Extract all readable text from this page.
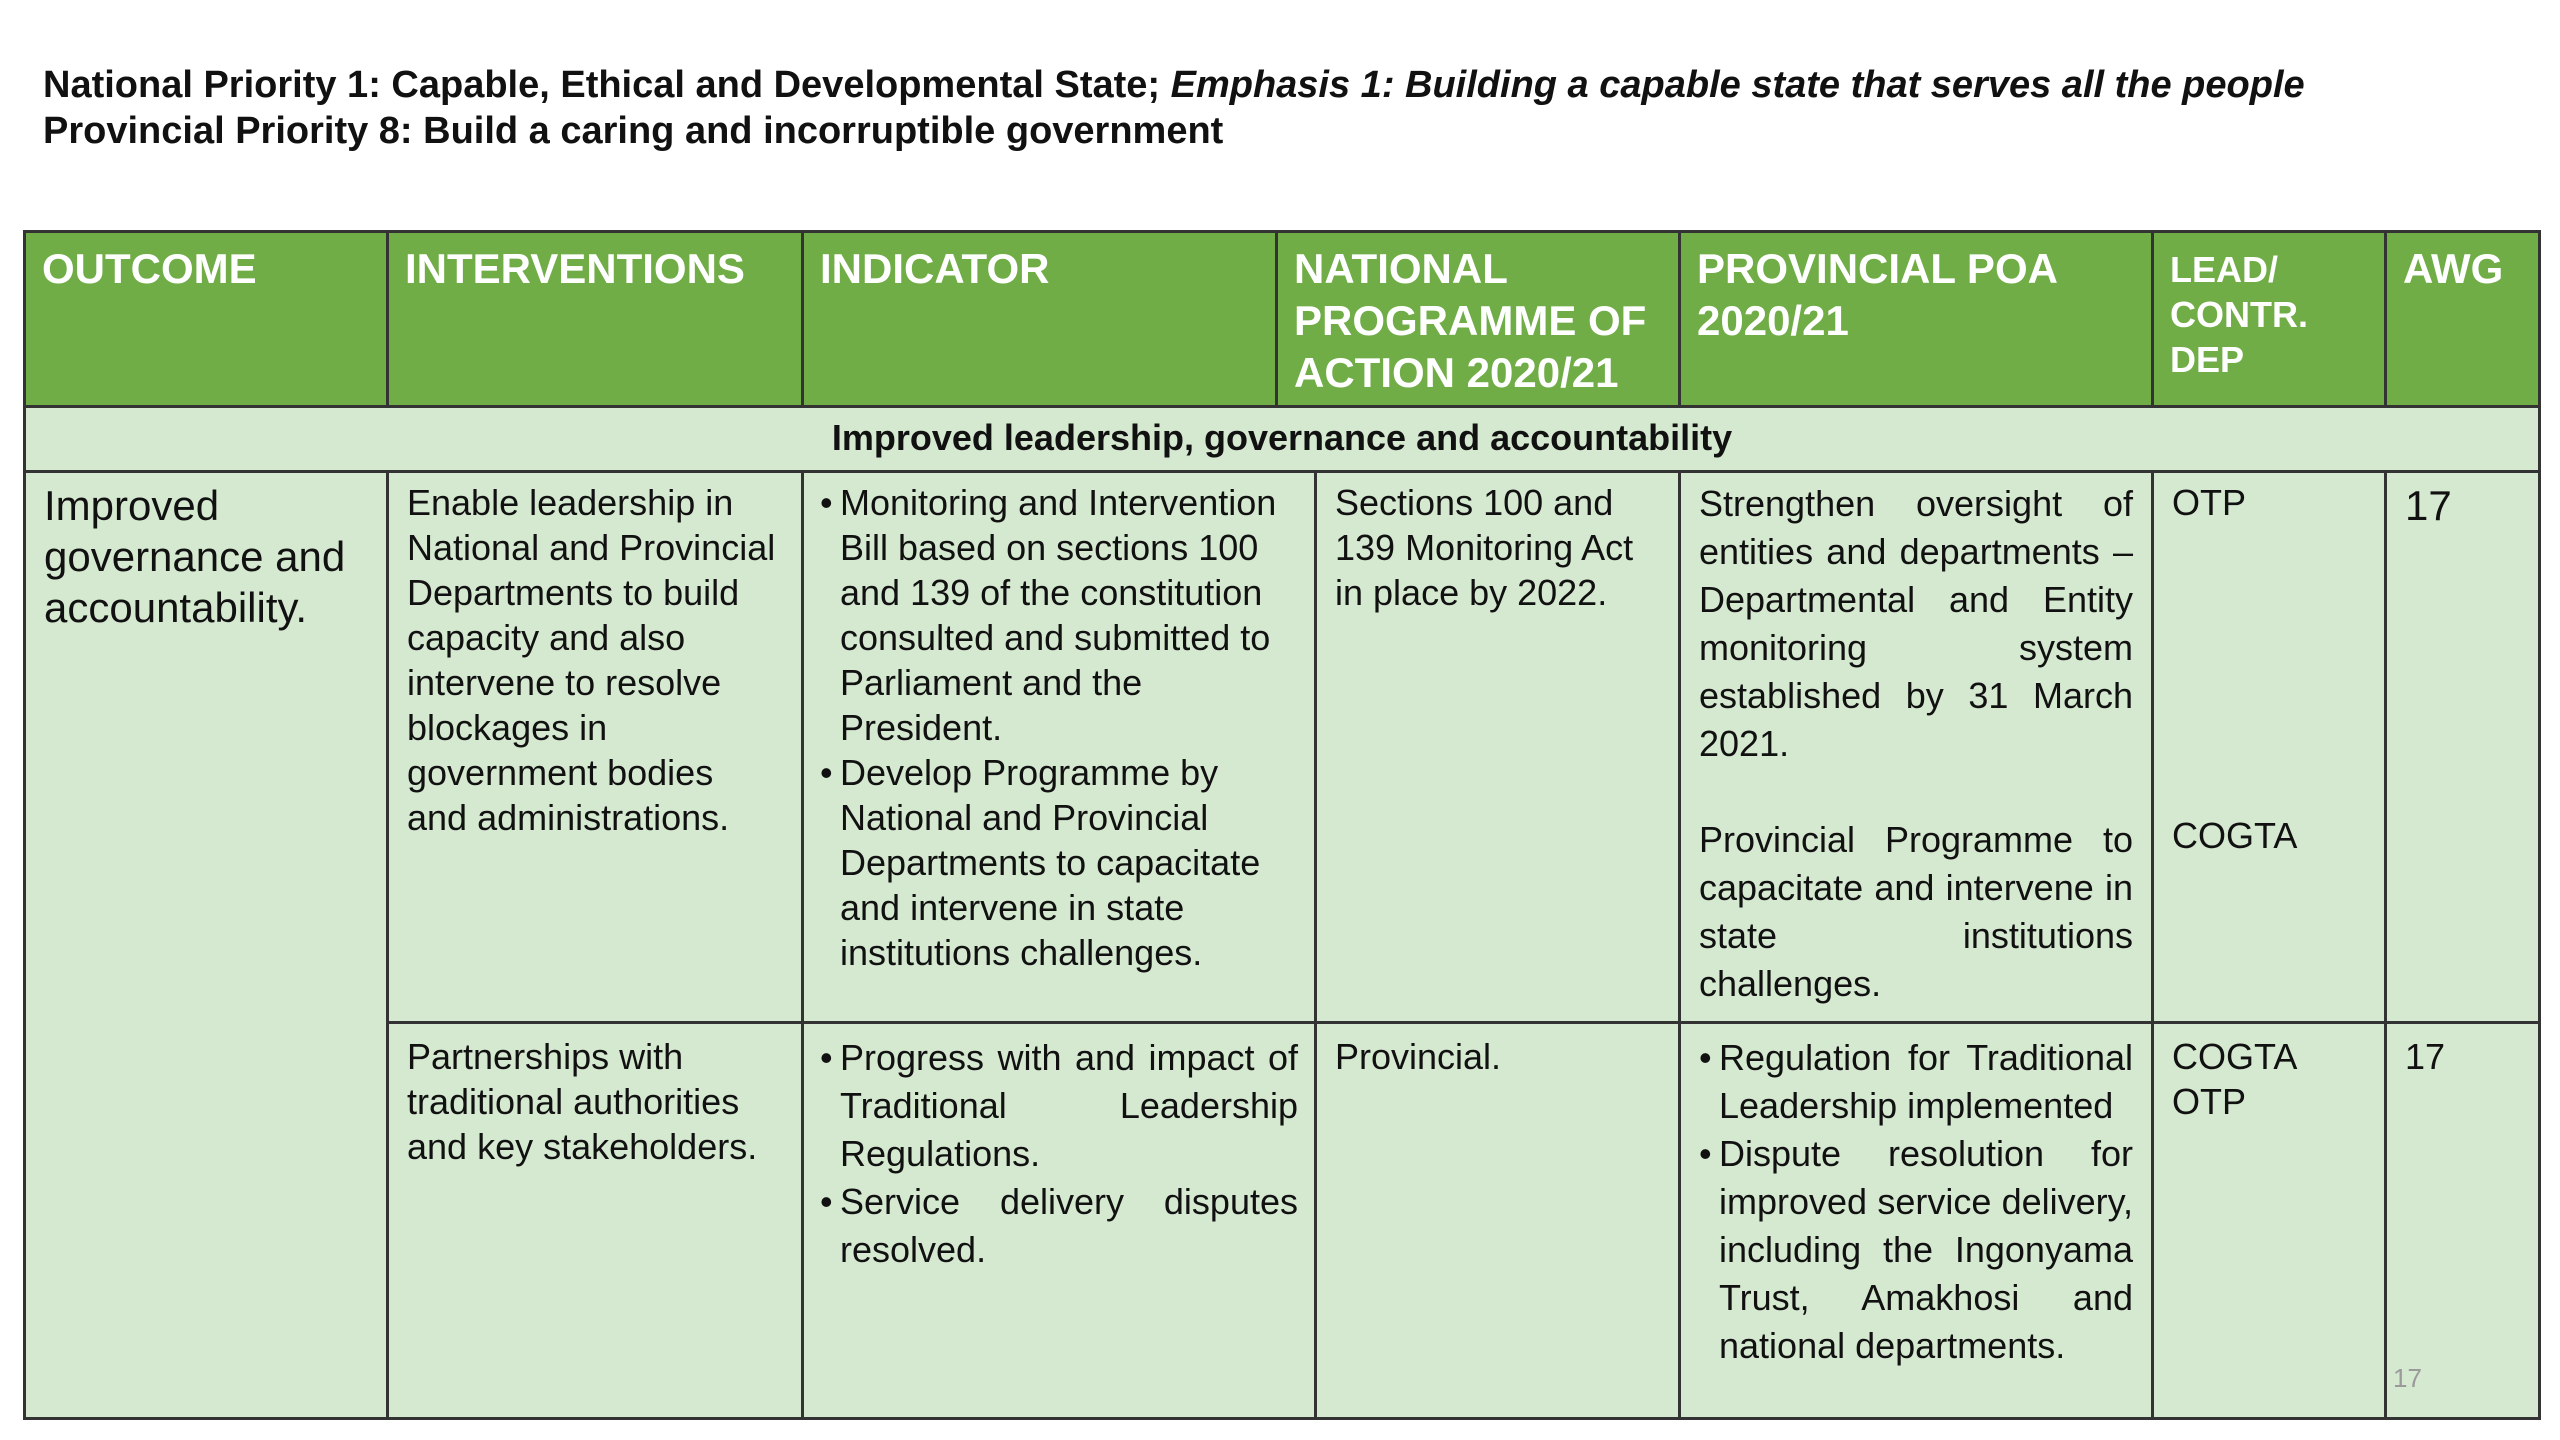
National Priority 1: Capable, Ethical and Developmental State; Emphasis 1: Building a capable state that serves all the people
Provincial Priority 8: Build a caring and incorruptible government
OUTCOME	INTERVENTIONS	INDICATOR	NATIONAL PROGRAMME OF ACTION 2020/21
PROVINCIAL POA 2020/21
LEAD/ CONTR. DEP
AWG
Improved leadership, governance and accountability
Improved governance and accountability.
Enable leadership in National and Provincial Departments to build capacity and also intervene to resolve blockages in government bodies and administrations.
• Monitoring and Intervention Bill based on sections 100 and 139 of the constitution consulted and submitted to Parliament and the President.
• Develop Programme by National and Provincial Departments to capacitate and intervene in state institutions challenges.
Sections 100 and 139 Monitoring Act in place by 2022.
Strengthen oversight of entities and departments – Departmental and Entity monitoring system established by 31 March 2021.
Provincial Programme to capacitate and intervene in state institutions challenges.
OTP
COGTA
17
Partnerships with traditional authorities and key stakeholders.
• Progress with and impact of Traditional Leadership Regulations.
• Service delivery disputes resolved.
Provincial.
•	Regulation for Traditional Leadership implemented
• Dispute resolution for improved service delivery, including the Ingonyama Trust, Amakhosi and national departments.
COGTA
OTP
17
17
